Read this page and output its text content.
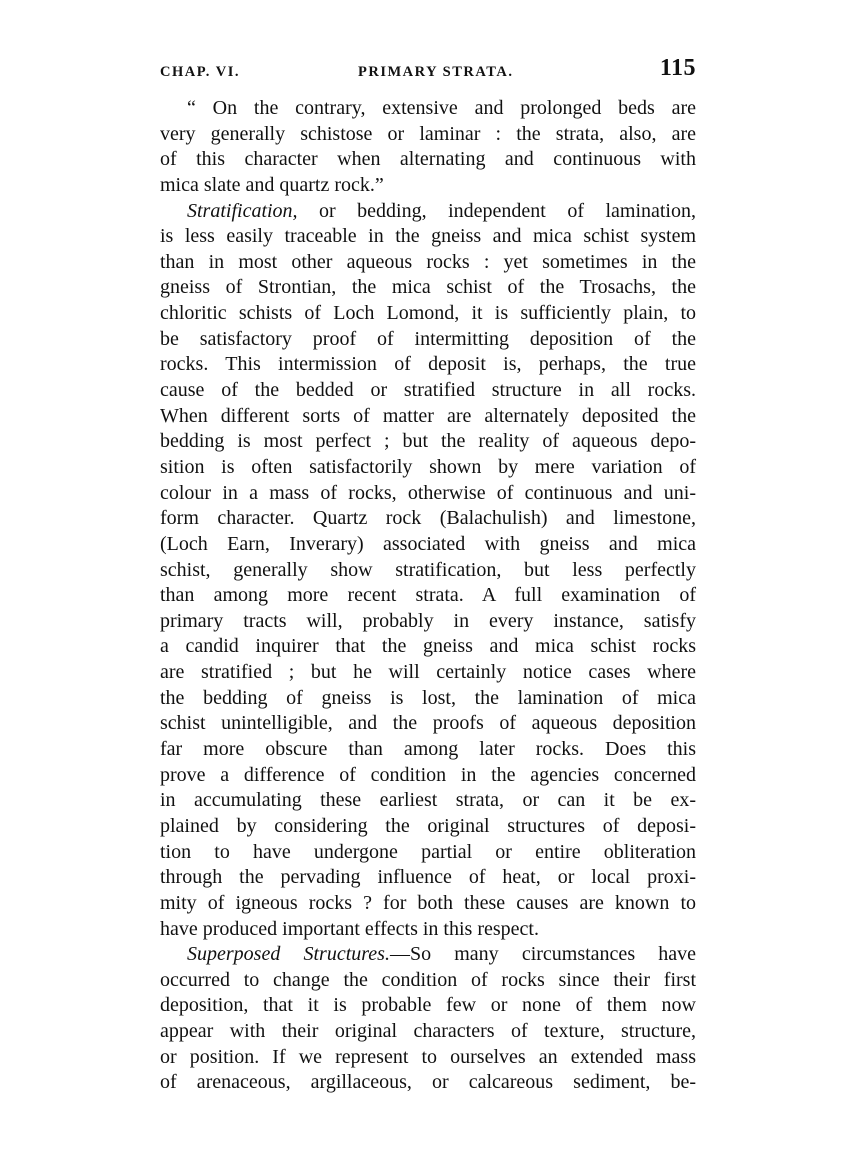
CHAP. VI.	PRIMARY STRATA.	115
“ On the contrary, extensive and prolonged beds are
very generally schistose or laminar : the strata, also, are
of this character when alternating and continuous with
mica slate and quartz rock.”
Stratification, or bedding, independent of lamination,
is less easily traceable in the gneiss and mica schist system
than in most other aqueous rocks : yet sometimes in the
gneiss of Strontian, the mica schist of the Trosachs, the
chloritic schists of Loch Lomond, it is sufficiently plain, to
be satisfactory proof of intermitting deposition of the
rocks. This intermission of deposit is, perhaps, the true
cause of the bedded or stratified structure in all rocks.
When different sorts of matter are alternately deposited the
bedding is most perfect ; but the reality of aqueous depo-
sition is often satisfactorily shown by mere variation of
colour in a mass of rocks, otherwise of continuous and uni-
form character. Quartz rock (Balachulish) and limestone,
(Loch Earn, Inverary) associated with gneiss and mica
schist, generally show stratification, but less perfectly
than among more recent strata. A full examination of
primary tracts will, probably in every instance, satisfy
a candid inquirer that the gneiss and mica schist rocks
are stratified ; but he will certainly notice cases where
the bedding of gneiss is lost, the lamination of mica
schist unintelligible, and the proofs of aqueous deposition
far more obscure than among later rocks. Does this
prove a difference of condition in the agencies concerned
in accumulating these earliest strata, or can it be ex-
plained by considering the original structures of deposi-
tion to have undergone partial or entire obliteration
through the pervading influence of heat, or local proxi-
mity of igneous rocks ? for both these causes are known to
have produced important effects in this respect.
Superposed Structures.—So many circumstances have
occurred to change the condition of rocks since their first
deposition, that it is probable few or none of them now
appear with their original characters of texture, structure,
or position. If we represent to ourselves an extended mass
of arenaceous, argillaceous, or calcareous sediment, be-
